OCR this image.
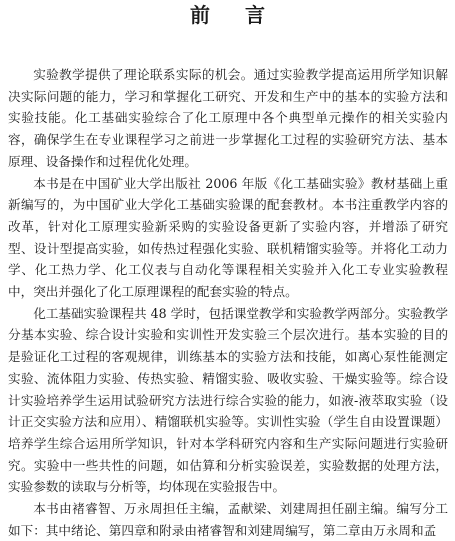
前 言

实验教学提供了理论联系实际的机会。通过实验教学提高运用所学知识解决实际问题的能力，学习和掌握化工研究、开发和生产中的基本的实验方法和实验技能。化工基础实验综合了化工原理中各个典型单元操作的相关实验内容，确保学生在专业课程学习之前进一步掌握化工过程的实验研究方法、基本原理、设备操作和过程优化处理。

本书是在中国矿业大学出版社 2006 年版《化工基础实验》教材基础上重新编写的，为中国矿业大学化工基础实验课的配套教材。本书注重教学内容的改革，针对化工原理实验新采购的实验设备更新了实验内容，并增添了研究型、设计型提高实验，如传热过程强化实验、联机精馏实验等。并将化工动力学、化工热力学、化工仪表与自动化等课程相关实验并入化工专业实验教程中，突出并强化了化工原理课程的配套实验的特点。

化工基础实验课程共 48 学时，包括课堂教学和实验教学两部分。实验教学分基本实验、综合设计实验和实训性开发实验三个层次进行。基本实验的目的是验证化工过程的客观规律，训练基本的实验方法和技能，如离心泵性能测定实验、流体阻力实验、传热实验、精馏实验、吸收实验、干燥实验等。综合设计实验培养学生运用试验研究方法进行综合实验的能力，如液-液萃取实验（设计正交实验方法和应用）、精馏联机实验等。实训性实验（学生自由设置课题）培养学生综合运用所学知识，针对本学科研究内容和生产实际问题进行实验研究。实验中一些共性的问题，如估算和分析实验误差，实验数据的处理方法，实验参数的读取与分析等，均体现在实验报告中。

本书由褚睿智、万永周担任主编，孟献梁、刘建周担任副主编。编写分工如下：其中绪论、第四章和附录由褚睿智和刘建周编写，第二章由万永周和孟
